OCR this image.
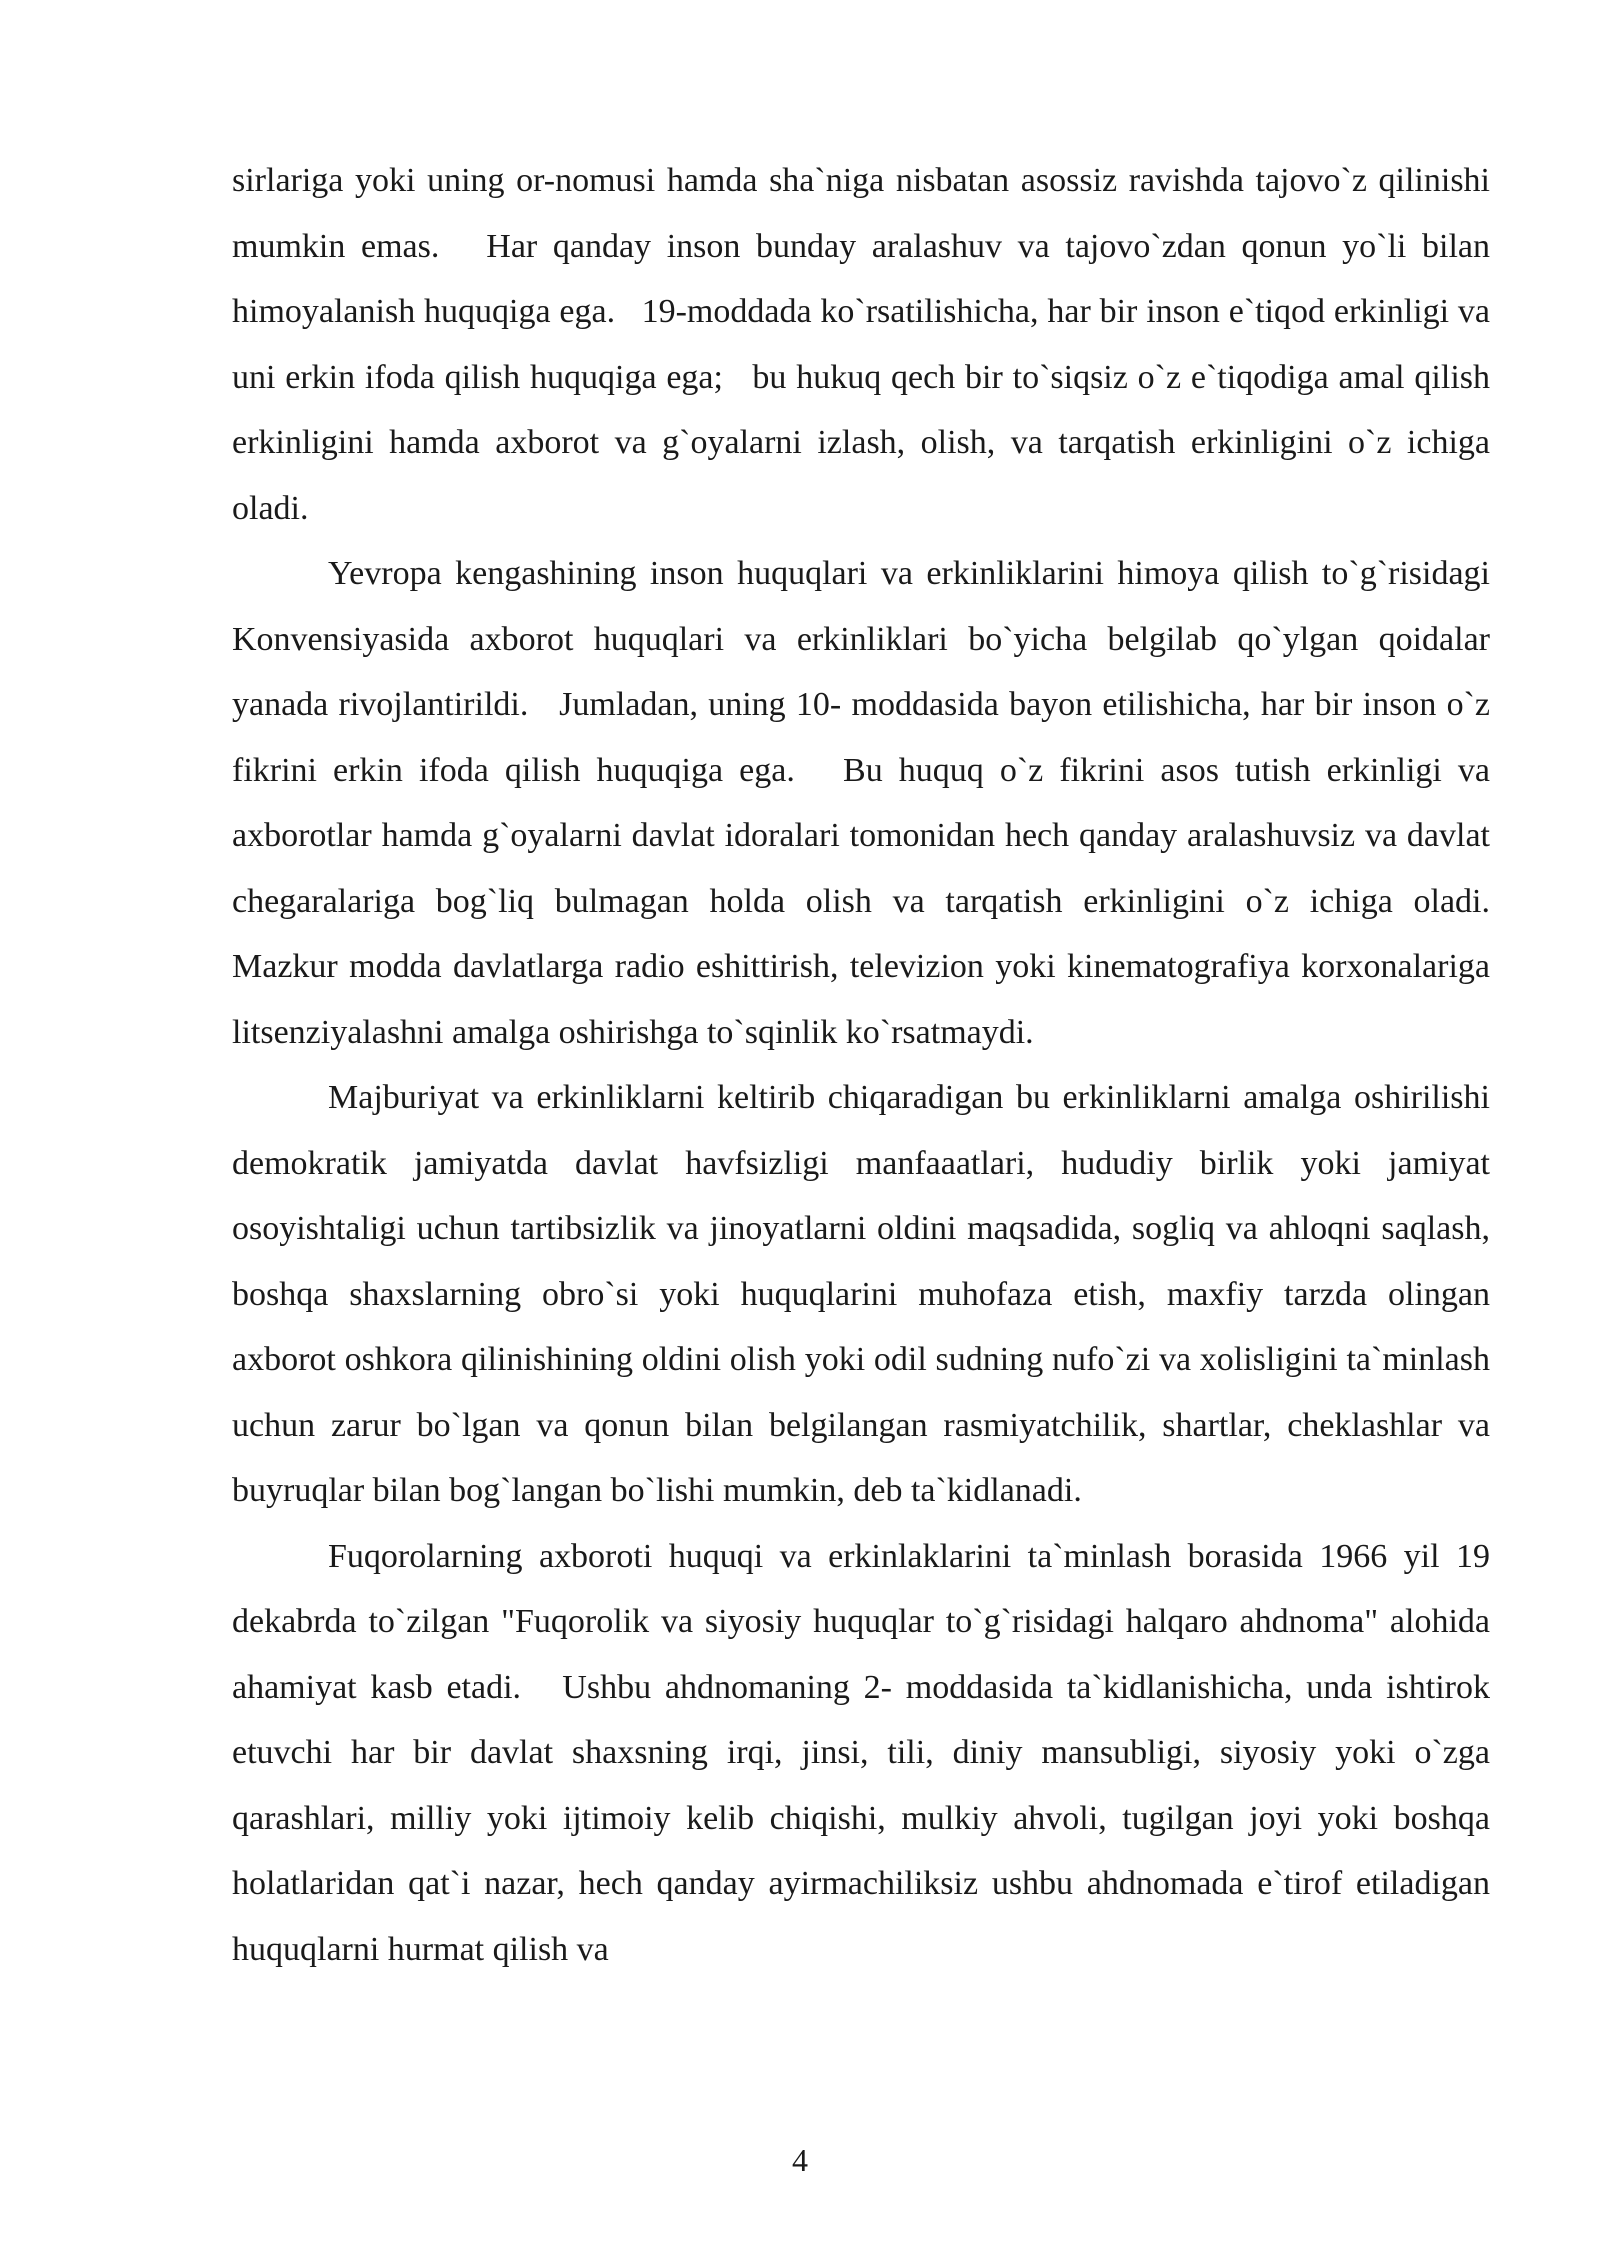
sirlariga yoki uning or-nomusi hamda sha`niga nisbatan asossiz ravishda tajovo`z qilinishi mumkin emas.   Har qanday inson bunday aralashuv va tajovo`zdan qonun yo`li bilan himoyalanish huquqiga ega.   19-moddada ko`rsatilishicha, har bir inson e`tiqod erkinligi va uni erkin ifoda qilish huquqiga ega;   bu hukuq qech bir to`siqsiz o`z e`tiqodiga amal qilish erkinligini hamda axborot va g`oyalarni izlash, olish, va tarqatish erkinligini o`z ichiga oladi.

Yevropa kengashining inson huquqlari va erkinliklarini himoya qilish to`g`risidagi Konvensiyasida axborot huquqlari va erkinliklari bo`yicha belgilab qo`ylgan qoidalar yanada rivojlantirildi.   Jumladan, uning 10- moddasida bayon etilishicha, har bir inson o`z fikrini erkin ifoda qilish huquqiga ega.   Bu huquq o`z fikrini asos tutish erkinligi va axborotlar hamda g`oyalarni davlat idoralari tomonidan hech qanday aralashuvsiz va davlat chegaralariga bog`liq bulmagan holda olish va tarqatish erkinligini o`z ichiga oladi.   Mazkur modda davlatlarga radio eshittirish, televizion yoki kinematografiya korxonalariga litsenziyalashni amalga oshirishga to`sqinlik ko`rsatmaydi.

Majburiyat va erkinliklarni keltirib chiqaradigan bu erkinliklarni amalga oshirilishi demokratik jamiyatda davlat havfsizligi manfaaatlari, hududiy birlik yoki jamiyat osoyishtaligi uchun tartibsizlik va jinoyatlarni oldini maqsadida, sogliq va ahloqni saqlash, boshqa shaxslarning obro`si yoki huquqlarini muhofaza etish, maxfiy tarzda olingan axborot oshkora qilinishining oldini olish yoki odil sudning nufo`zi va xolisligini ta`minlash uchun zarur bo`lgan va qonun bilan belgilangan rasmiyatchilik, shartlar, cheklashlar va buyruqlar bilan bog`langan bo`lishi mumkin, deb ta`kidlanadi.

Fuqorolarning axboroti huquqi va erkinlaklarini ta`minlash borasida 1966 yil 19 dekabrda to`zilgan "Fuqorolik va siyosiy huquqlar to`g`risidagi halqaro ahdnoma" alohida ahamiyat kasb etadi.   Ushbu ahdnomaning 2- moddasida ta`kidlanishicha, unda ishtirok etuvchi har bir davlat shaxsning irqi, jinsi, tili, diniy mansubligi, siyosiy yoki o`zga qarashlari, milliy yoki ijtimoiy kelib chiqishi, mulkiy ahvoli, tugilgan joyi yoki boshqa holatlaridan qat`i nazar, hech qanday ayirmachiliksiz ushbu ahdnomada e`tirof etiladigan huquqlarni hurmat qilish va

4
